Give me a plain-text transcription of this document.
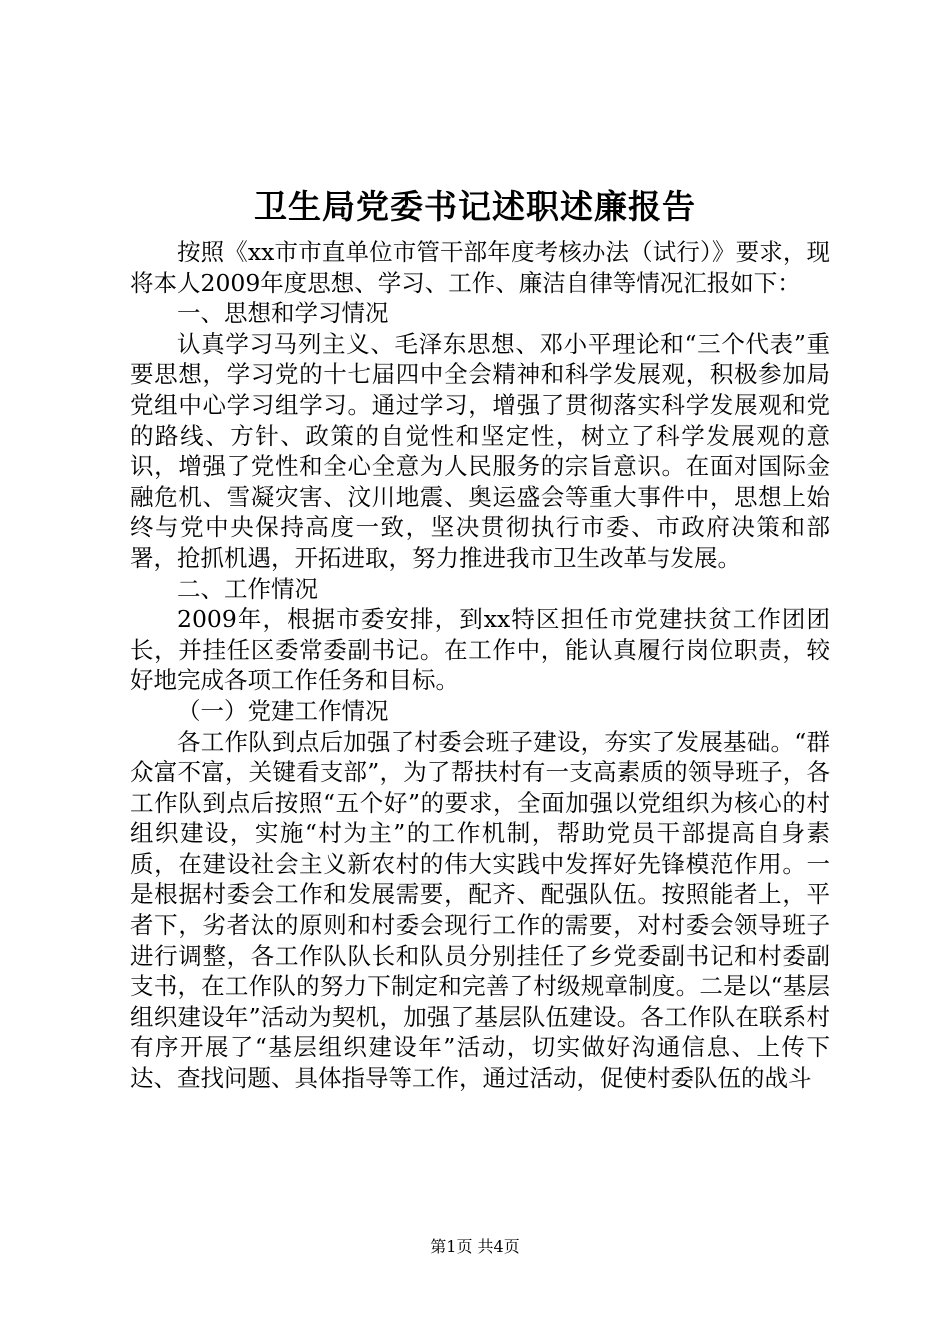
卫生局党委书记述职述廉报告

按照《xx市市直单位市管干部年度考核办法（试行）》要求，现将本人2009年度思想、学习、工作、廉洁自律等情况汇报如下：

一、思想和学习情况

认真学习马列主义、毛泽东思想、邓小平理论和“三个代表”重要思想，学习党的十七届四中全会精神和科学发展观，积极参加局党组中心学习组学习。通过学习，增强了贯彻落实科学发展观和党的路线、方针、政策的自觉性和坚定性，树立了科学发展观的意识，增强了党性和全心全意为人民服务的宗旨意识。在面对国际金融危机、雪凝灾害、汶川地震、奥运盛会等重大事件中，思想上始终与党中央保持高度一致，坚决贯彻执行市委、市政府决策和部署，抢抓机遇，开拓进取，努力推进我市卫生改革与发展。

二、工作情况

2009年，根据市委安排，到xx特区担任市党建扶贫工作团团长，并挂任区委常委副书记。在工作中，能认真履行岗位职责，较好地完成各项工作任务和目标。

（一）党建工作情况

各工作队到点后加强了村委会班子建设，夯实了发展基础。“群众富不富，关键看支部”，为了帮扶村有一支高素质的领导班子，各工作队到点后按照“五个好”的要求，全面加强以党组织为核心的村组织建设，实施“村为主”的工作机制，帮助党员干部提高自身素质，在建设社会主义新农村的伟大实践中发挥好先锋模范作用。一是根据村委会工作和发展需要，配齐、配强队伍。按照能者上，平者下，劣者汰的原则和村委会现行工作的需要，对村委会领导班子进行调整，各工作队队长和队员分别挂任了乡党委副书记和村委副支书，在工作队的努力下制定和完善了村级规章制度。二是以“基层组织建设年”活动为契机，加强了基层队伍建设。各工作队在联系村有序开展了“基层组织建设年”活动，切实做好沟通信息、上传下达、查找问题、具体指导等工作，通过活动，促使村委队伍的战斗

第1页 共4页
